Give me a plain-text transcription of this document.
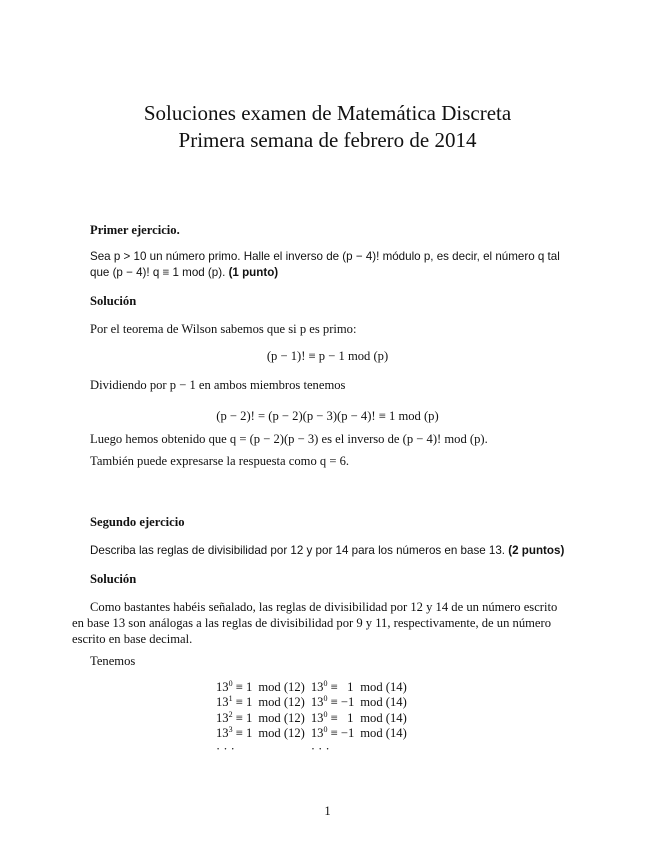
Soluciones examen de Matemática Discreta
Primera semana de febrero de 2014
Primer ejercicio.
Sea p > 10 un número primo. Halle el inverso de (p − 4)! módulo p, es decir, el número q tal
que (p − 4)! q ≡ 1 mod (p). (1 punto)
Solución
Por el teorema de Wilson sabemos que si p es primo:
(p − 1)! ≡ p − 1 mod (p)
Dividiendo por p − 1 en ambos miembros tenemos
(p − 2)! = (p − 2)(p − 3)(p − 4)! ≡ 1 mod (p)
Luego hemos obtenido que q = (p − 2)(p − 3) es el inverso de (p − 4)! mod (p).
También puede expresarse la respuesta como q = 6.
Segundo ejercicio
Describa las reglas de divisibilidad por 12 y por 14 para los números en base 13. (2 puntos)
Solución
Como bastantes habéis señalado, las reglas de divisibilidad por 12 y 14 de un número escrito
en base 13 son análogas a las reglas de divisibilidad por 9 y 11, respectivamente, de un número
escrito en base decimal.
Tenemos
$13^0 \equiv 1$	mod (12)	$13^0 \equiv 1$	mod (14)
$13^1 \equiv 1$	mod (12)	$13^0 \equiv -1$	mod (14)
$13^2 \equiv 1$	mod (12)	$13^0 \equiv 1$	mod (14)
$13^3 \equiv 1$	mod (12)	$13^0 \equiv -1$	mod (14)
· · ·		· · ·	
1
